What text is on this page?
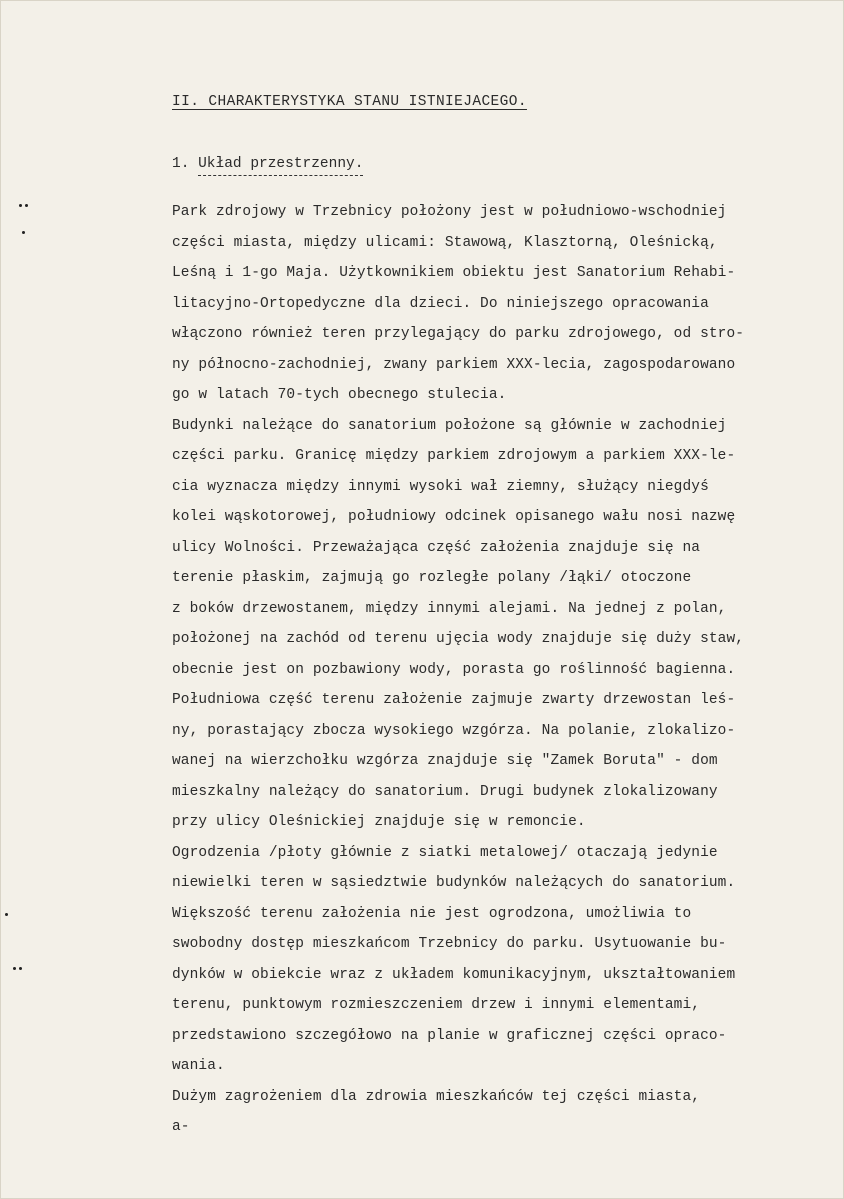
II. CHARAKTERYSTYKA STANU ISTNIEJACEGO.
1. Układ przestrzenny.
Park zdrojowy w Trzebnicy położony jest w południowo-wschodniej
części miasta, między ulicami: Stawową, Klasztorną, Oleśnicką,
Leśną i 1-go Maja. Użytkownikiem obiektu jest Sanatorium Rehabi-
litacyjno-Ortopedyczne dla dzieci. Do niniejszego opracowania
włączono również teren przylegający do parku zdrojowego, od stro-
ny północno-zachodniej, zwany parkiem XXX-lecia, zagospodarowano
go w latach 70-tych obecnego stulecia.
Budynki należące do sanatorium położone są głównie w zachodniej
części parku. Granicę między parkiem zdrojowym a parkiem XXX-le-
cia wyznacza między innymi wysoki wał ziemny, służący niegdyś
kolei wąskotorowej, południowy odcinek opisanego wału nosi nazwę
ulicy Wolności. Przeważająca część założenia znajduje się na
terenie płaskim, zajmują go rozległe polany /łąki/ otoczone
z boków drzewostanem, między innymi alejami. Na jednej z polan,
położonej na zachód od terenu ujęcia wody znajduje się duży staw,
obecnie jest on pozbawiony wody, porasta go roślinność bagienna.
Południowa część terenu założenie zajmuje zwarty drzewostan leś-
ny, porastający zbocza wysokiego wzgórza. Na polanie, zlokalizo-
wanej na wierzchołku wzgórza znajduje się "Zamek Boruta" - dom
mieszkalny należący do sanatorium. Drugi budynek zlokalizowany
przy ulicy Oleśnickiej znajduje się w remoncie.
Ogrodzenia /płoty głównie z siatki metalowej/ otaczają jedynie
niewielki teren w sąsiedztwie budynków należących do sanatorium.
Większość terenu założenia nie jest ogrodzona, umożliwia to
swobodny dostęp mieszkańcom Trzebnicy do parku. Usytuowanie bu-
dynków w obiekcie wraz z układem komunikacyjnym, ukształtowaniem
terenu, punktowym rozmieszczeniem drzew i innymi elementami,
przedstawiono szczegółowo na planie w graficznej części opraco-
wania.
Dużym zagrożeniem dla zdrowia mieszkańców tej części miasta,
a-
